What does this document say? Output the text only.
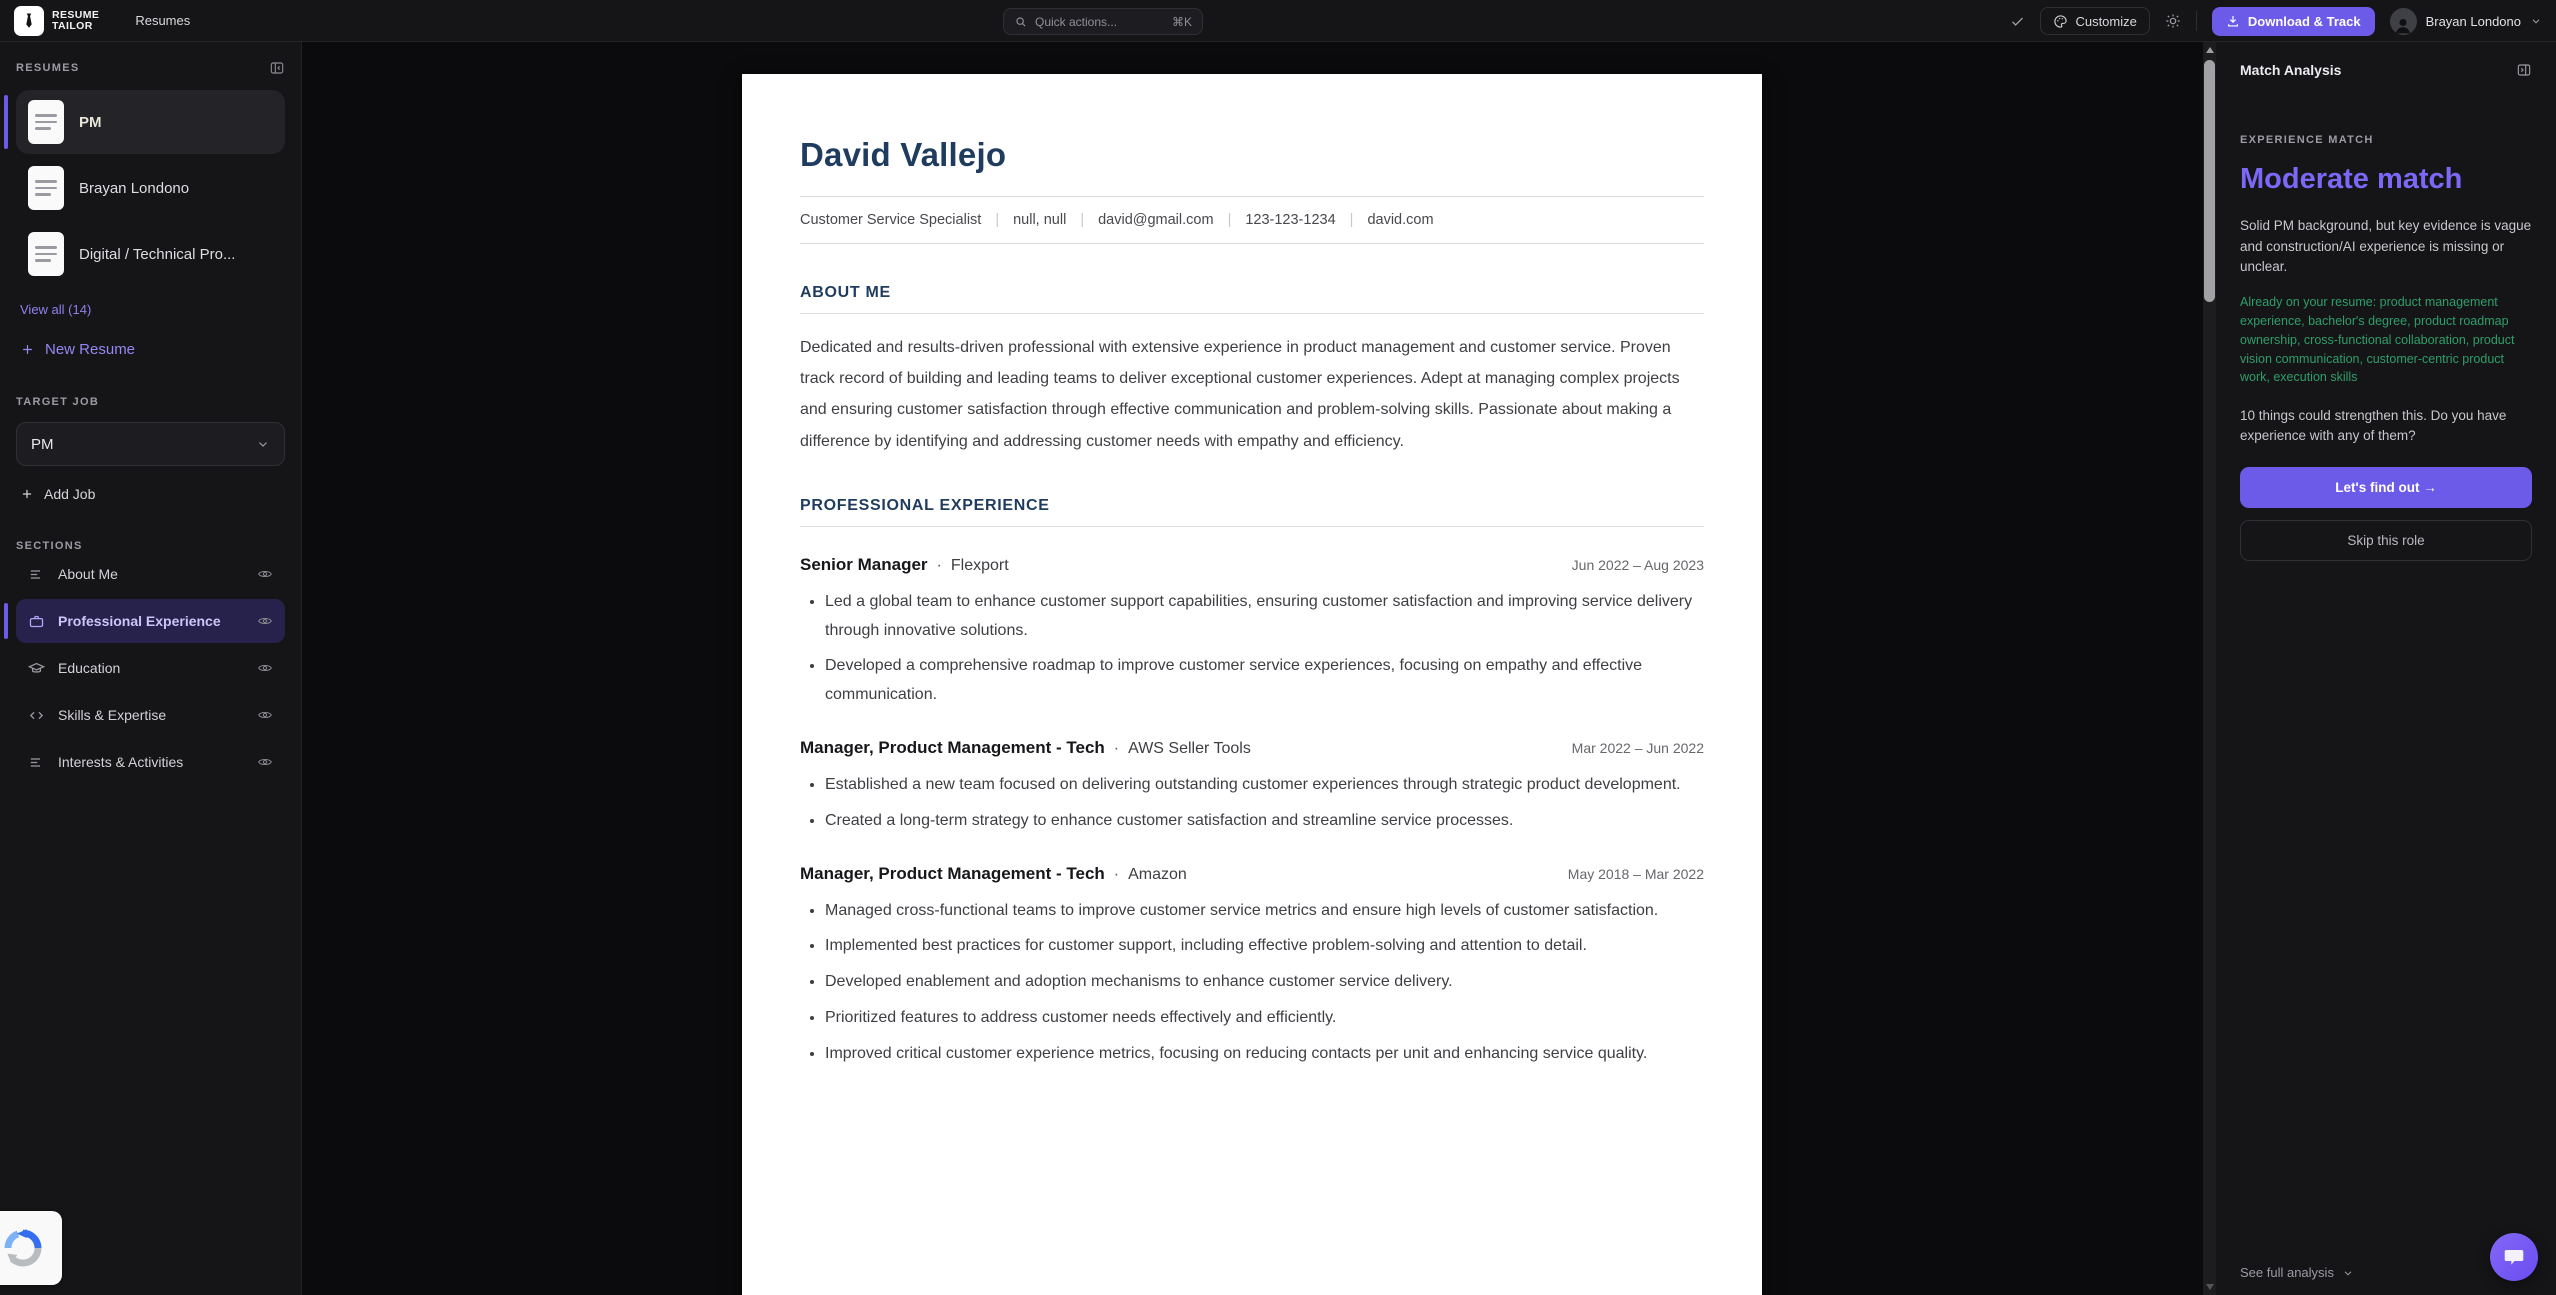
RESUME
TAILOR	Resumes	Quick actions...	⌘K	Customize	Download & Track	Brayan Londono
RESUMES
PM
Brayan Londono
Digital / Technical Pro...
View all (14)
New Resume
TARGET JOB
PM
Add Job
SECTIONS
About Me
Professional Experience
Education
Skills & Expertise
Interests & Activities
David Vallejo
Customer Service Specialist	| null, null	| david@gmail.com	| 123-123-1234	| david.com
ABOUT ME

Dedicated and results-driven professional with extensive experience in product management and customer service. Proven track record of building and leading teams to deliver exceptional customer experiences. Adept at managing complex projects and ensuring customer satisfaction through effective communication and problem-solving skills. Passionate about making a difference by identifying and addressing customer needs with empathy and efficiency.

PROFESSIONAL EXPERIENCE
Senior Manager	· Flexport	Jun 2022 – Aug 2023
• Led a global team to enhance customer support capabilities, ensuring customer satisfaction and improving service delivery through innovative solutions.
• Developed a comprehensive roadmap to improve customer service experiences, focusing on empathy and effective communication.
Manager, Product Management - Tech	· AWS Seller Tools	Mar 2022 – Jun 2022
• Established a new team focused on delivering outstanding customer experiences through strategic product development.
• Created a long-term strategy to enhance customer satisfaction and streamline service processes.
Manager, Product Management - Tech	· Amazon	May 2018 – Mar 2022
• Managed cross-functional teams to improve customer service metrics and ensure high levels of customer satisfaction.
• Implemented best practices for customer support, including effective problem-solving and attention to detail.
• Developed enablement and adoption mechanisms to enhance customer service delivery.
• Prioritized features to address customer needs effectively and efficiently.
• Improved critical customer experience metrics, focusing on reducing contacts per unit and enhancing service quality.
Match Analysis
EXPERIENCE MATCH
Moderate match

Solid PM background, but key evidence is vague and construction/AI experience is missing or unclear.

Already on your resume: product management experience, bachelor's degree, product roadmap ownership, cross-functional collaboration, product vision communication, customer-centric product work, execution skills

10 things could strengthen this. Do you have experience with any of them?

Let's find out →
Skip this role
See full analysis
